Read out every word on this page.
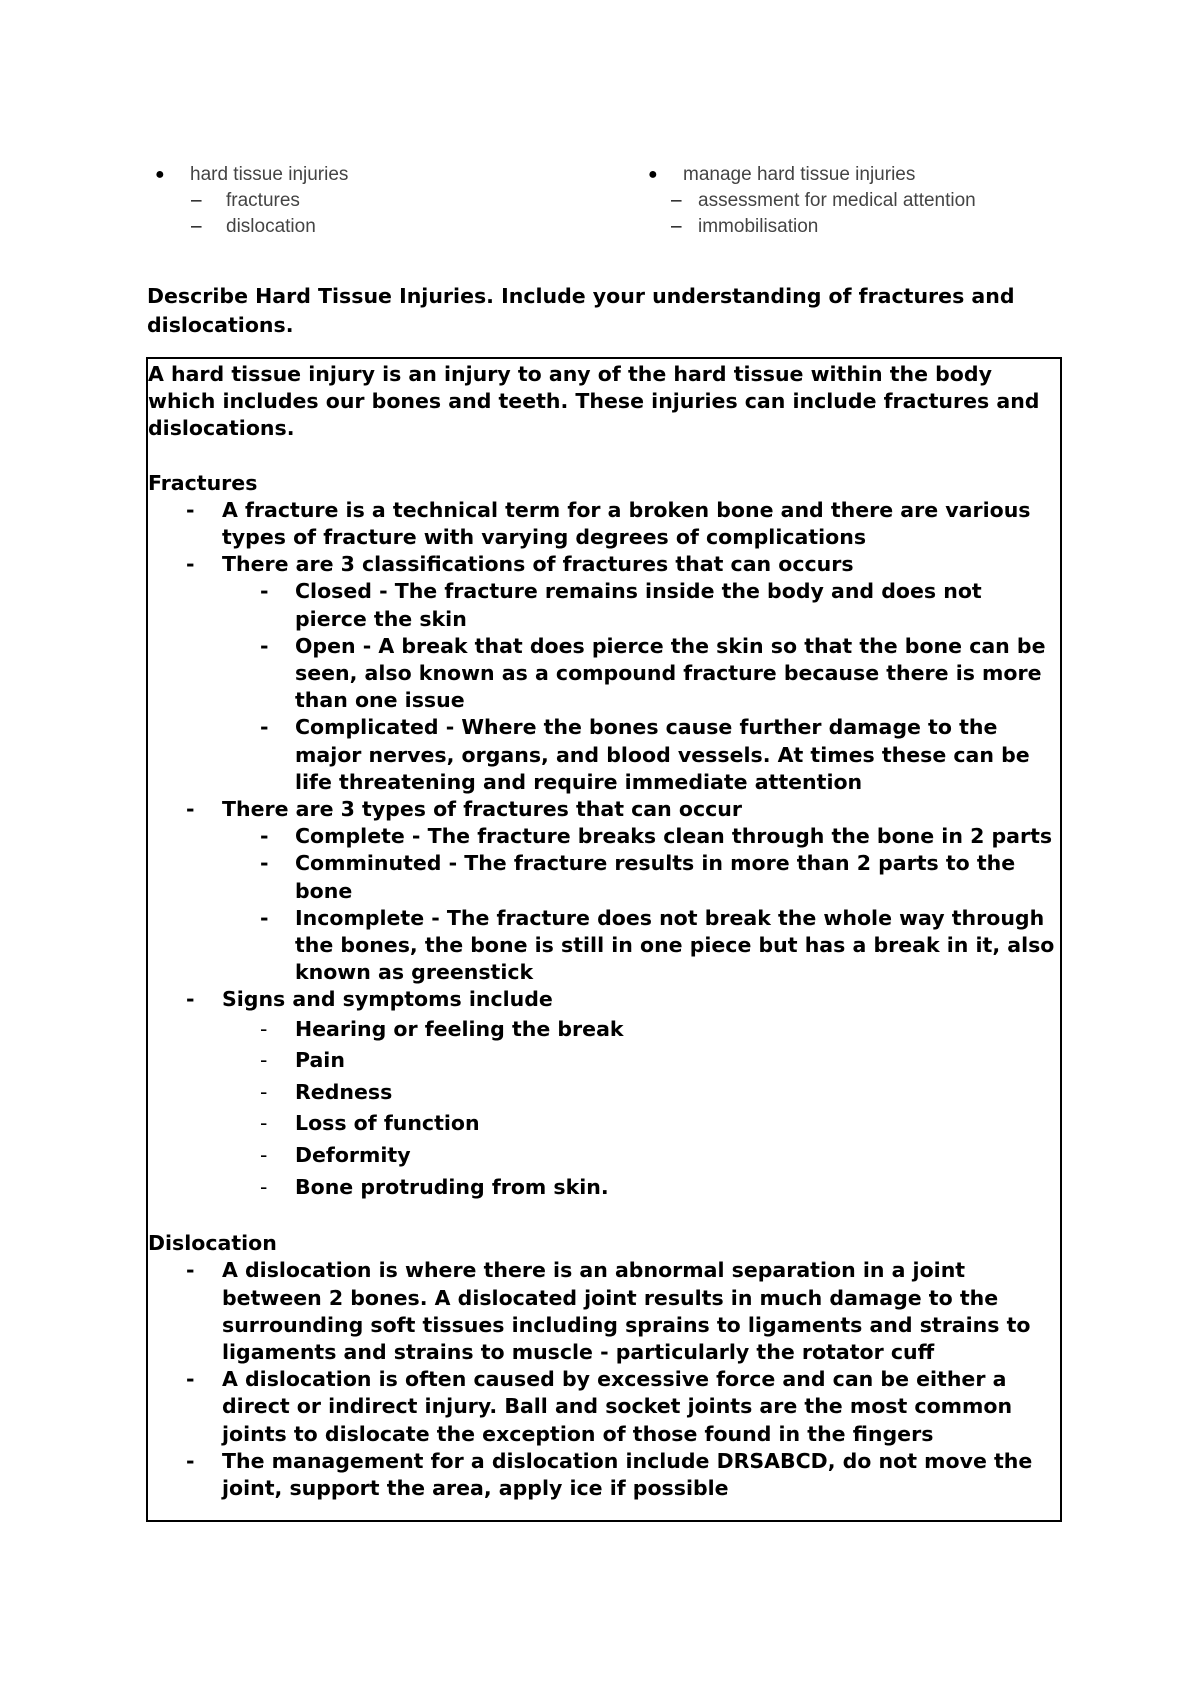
● hard tissue injuries
– fractures
– dislocation
● manage hard tissue injuries
– assessment for medical attention
– immobilisation
Describe Hard Tissue Injuries. Include your understanding of fractures and dislocations.

A hard tissue injury is an injury to any of the hard tissue within the body which includes our bones and teeth. These injuries can include fractures and dislocations.

Fractures

- A fracture is a technical term for a broken bone and there are various types of fracture with varying degrees of complications
- There are 3 classifications of fractures that can occurs
- Closed - The fracture remains inside the body and does not pierce the skin
- Open - A break that does pierce the skin so that the bone can be seen, also known as a compound fracture because there is more than one issue
- Complicated - Where the bones cause further damage to the major nerves, organs, and blood vessels. At times these can be life threatening and require immediate attention
- There are 3 types of fractures that can occur
- Complete - The fracture breaks clean through the bone in 2 parts
- Comminuted - The fracture results in more than 2 parts to the bone
- Incomplete - The fracture does not break the whole way through the bones, the bone is still in one piece but has a break in it, also known as greenstick
- Signs and symptoms include
- Hearing or feeling the break
- Pain
- Redness
- Loss of function
- Deformity
- Bone protruding from skin.

Dislocation

- A dislocation is where there is an abnormal separation in a joint between 2 bones. A dislocated joint results in much damage to the surrounding soft tissues including sprains to ligaments and strains to ligaments and strains to muscle - particularly the rotator cuff
- A dislocation is often caused by excessive force and can be either a direct or indirect injury. Ball and socket joints are the most common joints to dislocate the exception of those found in the fingers
- The management for a dislocation include DRSABCD, do not move the joint, support the area, apply ice if possible
